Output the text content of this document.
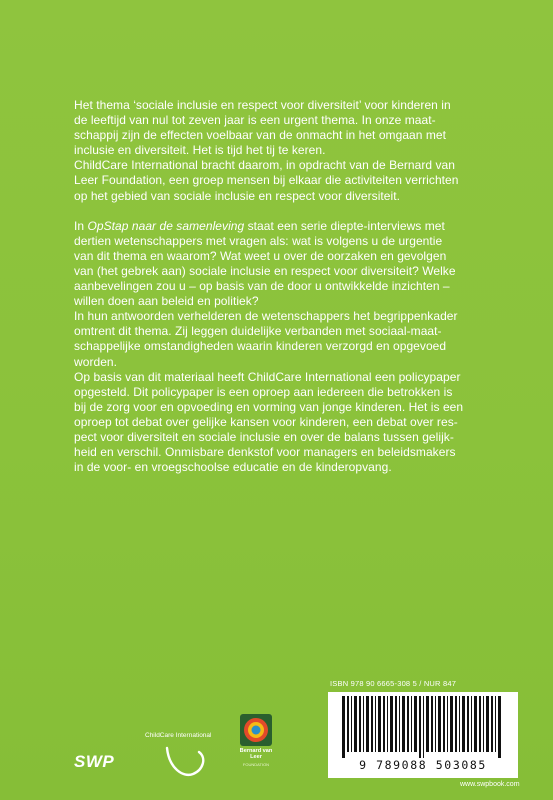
Het thema ‘sociale inclusie en respect voor diversiteit’ voor kinderen in

de leeftijd van nul tot zeven jaar is een urgent thema. In onze maat-

schappij zijn de effecten voelbaar van de onmacht in het omgaan met

inclusie en diversiteit. Het is tijd het tij te keren.

ChildCare International bracht daarom, in opdracht van de Bernard van

Leer Foundation, een groep mensen bij elkaar die activiteiten verrichten

op het gebied van sociale inclusie en respect voor diversiteit.

In OpStap naar de samenleving staat een serie diepte-interviews met

dertien wetenschappers met vragen als: wat is volgens u de urgentie

van dit thema en waarom? Wat weet u over de oorzaken en gevolgen

van (het gebrek aan) sociale inclusie en respect voor diversiteit? Welke

aanbevelingen zou u – op basis van de door u ontwikkelde inzichten –

willen doen aan beleid en politiek?

In hun antwoorden verhelderen de wetenschappers het begrippenkader

omtrent dit thema. Zij leggen duidelijke verbanden met sociaal-maat-

schappelijke omstandigheden waarin kinderen verzorgd en opgevoed

worden.

Op basis van dit materiaal heeft ChildCare International een policypaper

opgesteld. Dit policypaper is een oproep aan iedereen die betrokken is

bij de zorg voor en opvoeding en vorming van jonge kinderen. Het is een

oproep tot debat over gelijke kansen voor kinderen, een debat over res-

pect voor diversiteit en sociale inclusie en over de balans tussen gelijk-

heid en verschil. Onmisbare denkstof voor managers en beleidsmakers

in de voor- en vroegschoolse educatie en de kinderopvang.

ISBN 978 90 6665-308 5 / NUR 847
9 789088 503085
www.swpbook.com
SWP
ChildCare International
Bernard van Leer
FOUNDATION
